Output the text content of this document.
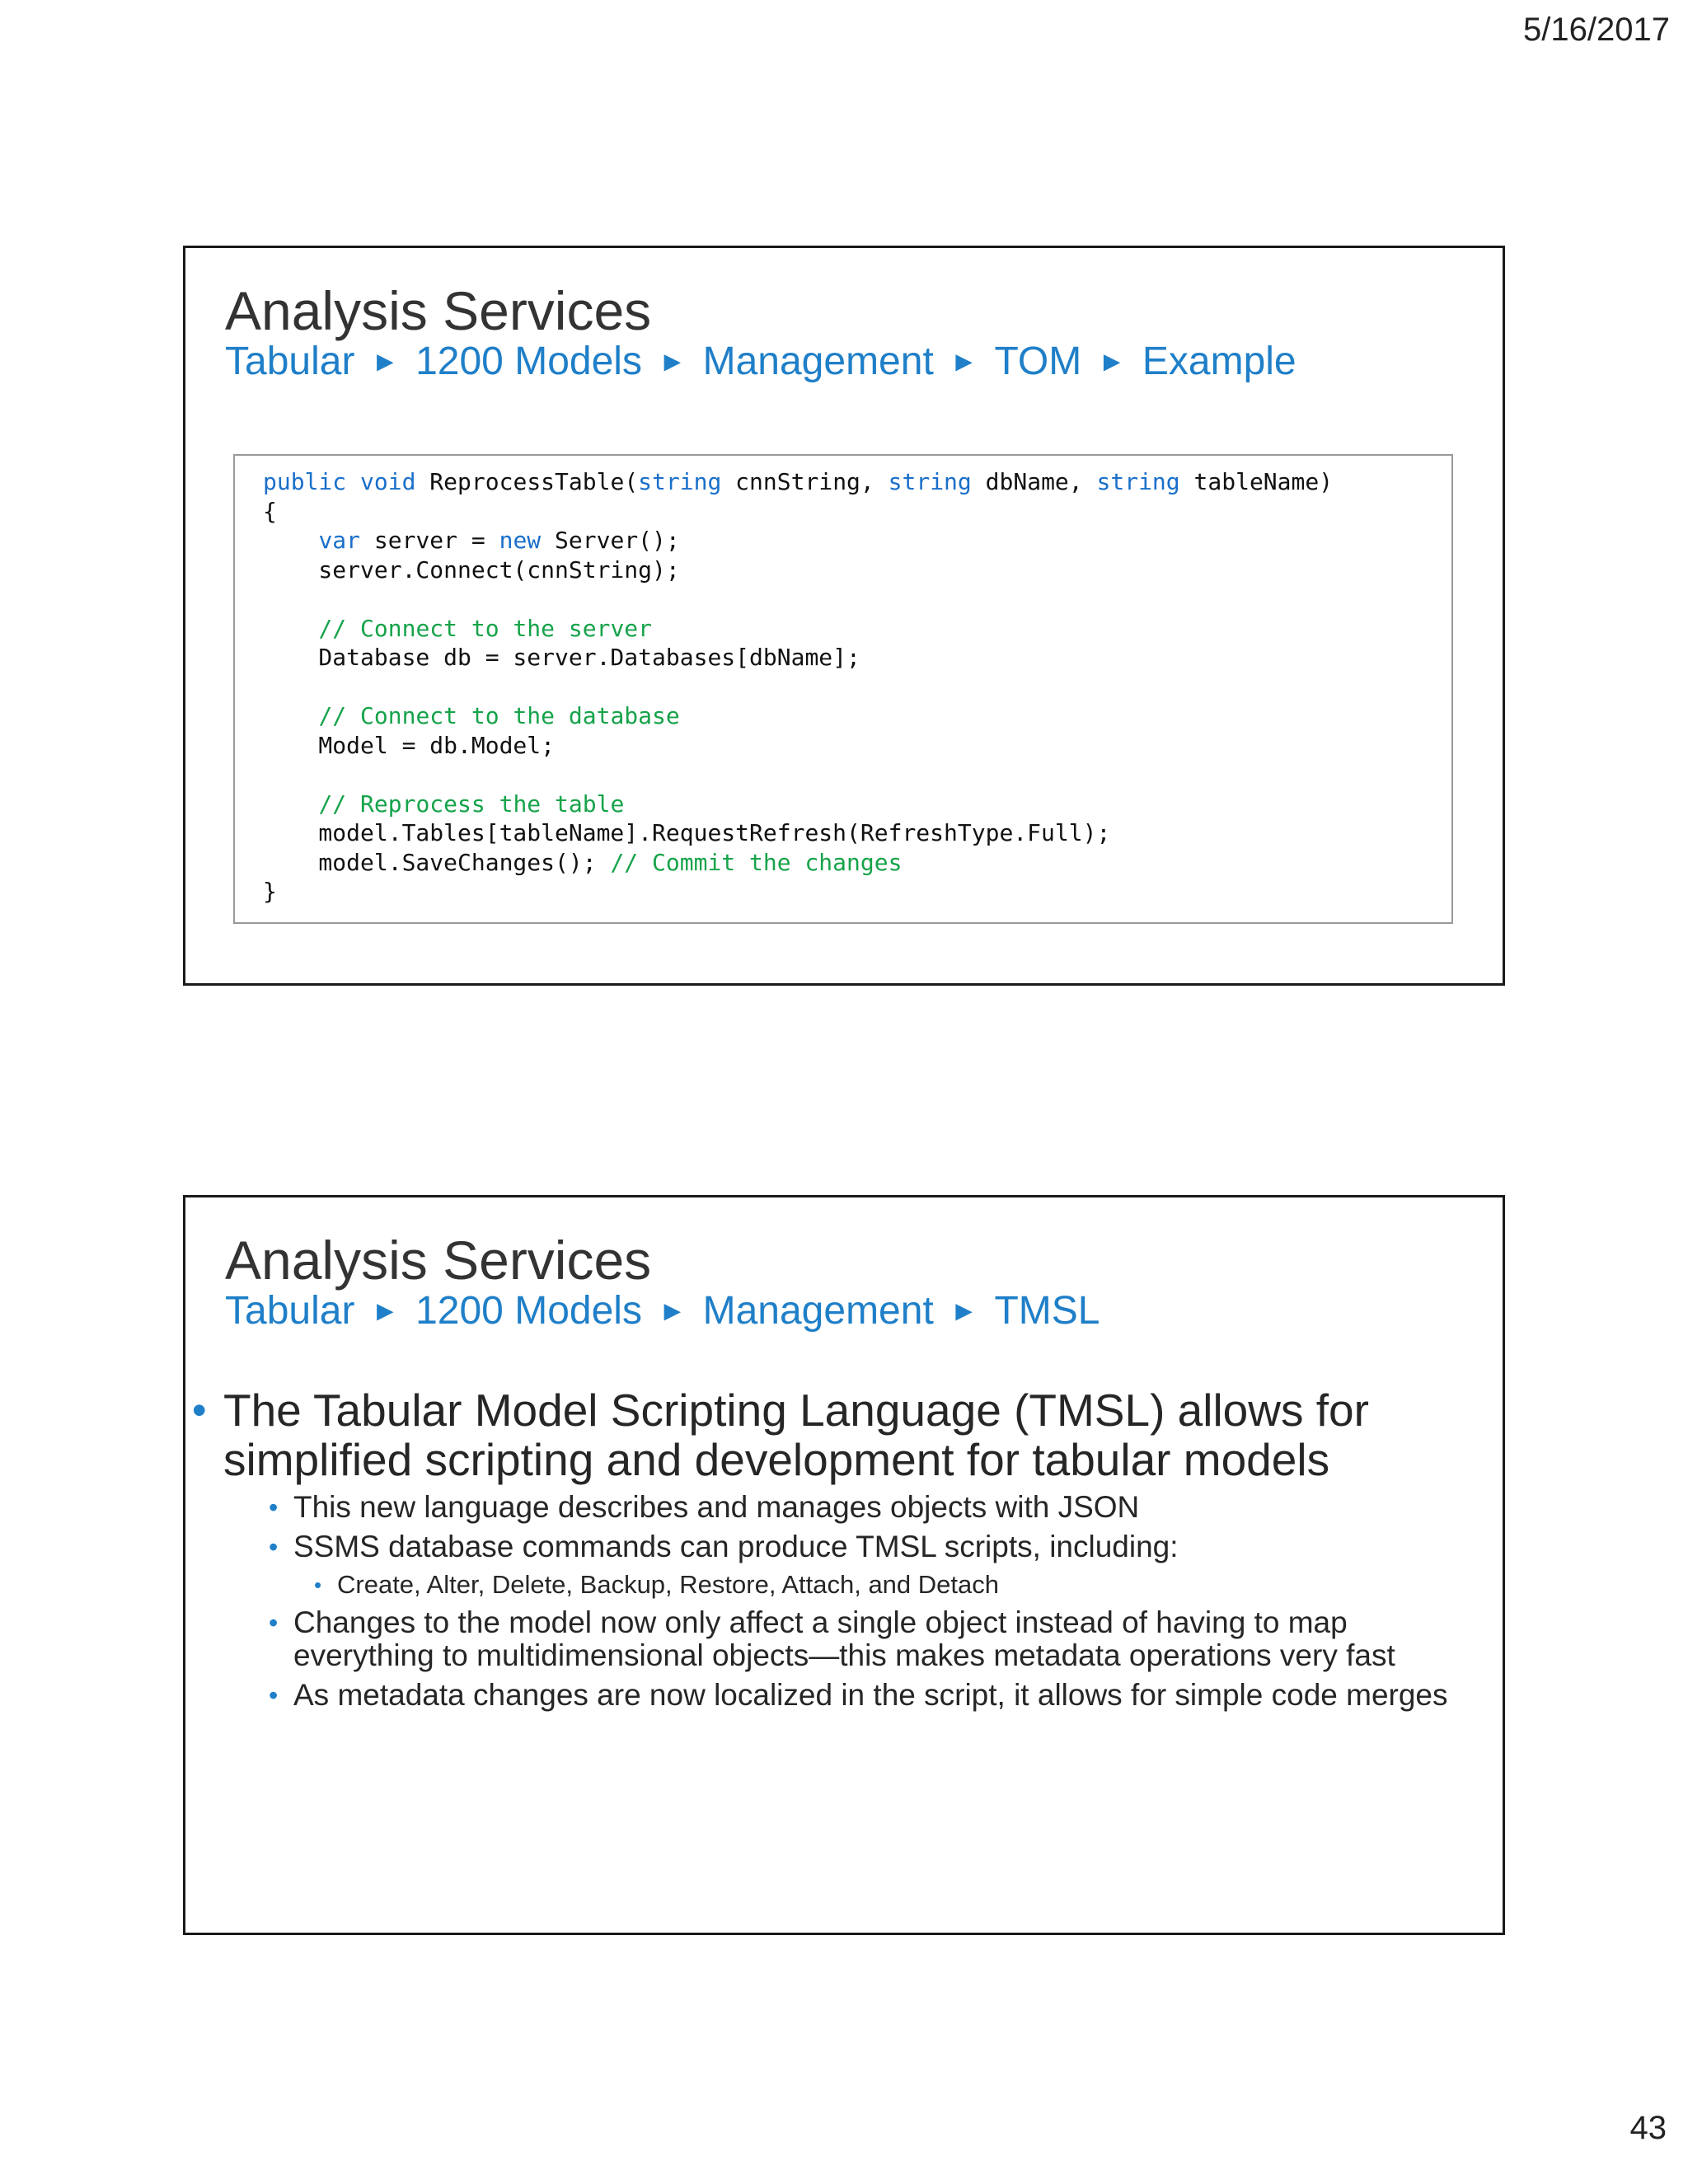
5/16/2017
Analysis Services
Tabular ► 1200 Models ► Management ► TOM ► Example
public void ReprocessTable(string cnnString, string dbName, string tableName)
{
var server = new Server();
server.Connect(cnnString);

// Connect to the server
Database db = server.Databases[dbName];

// Connect to the database
Model = db.Model;

// Reprocess the table
model.Tables[tableName].RequestRefresh(RefreshType.Full);
model.SaveChanges(); // Commit the changes
}
Analysis Services
Tabular ► 1200 Models ► Management ► TMSL
• The Tabular Model Scripting Language (TMSL) allows for simplified scripting and development for tabular models
• This new language describes and manages objects with JSON
• SSMS database commands can produce TMSL scripts, including:
• Create, Alter, Delete, Backup, Restore, Attach, and Detach
• Changes to the model now only affect a single object instead of having to map everything to multidimensional objects—this makes metadata operations very fast
• As metadata changes are now localized in the script, it allows for simple code merges
43
